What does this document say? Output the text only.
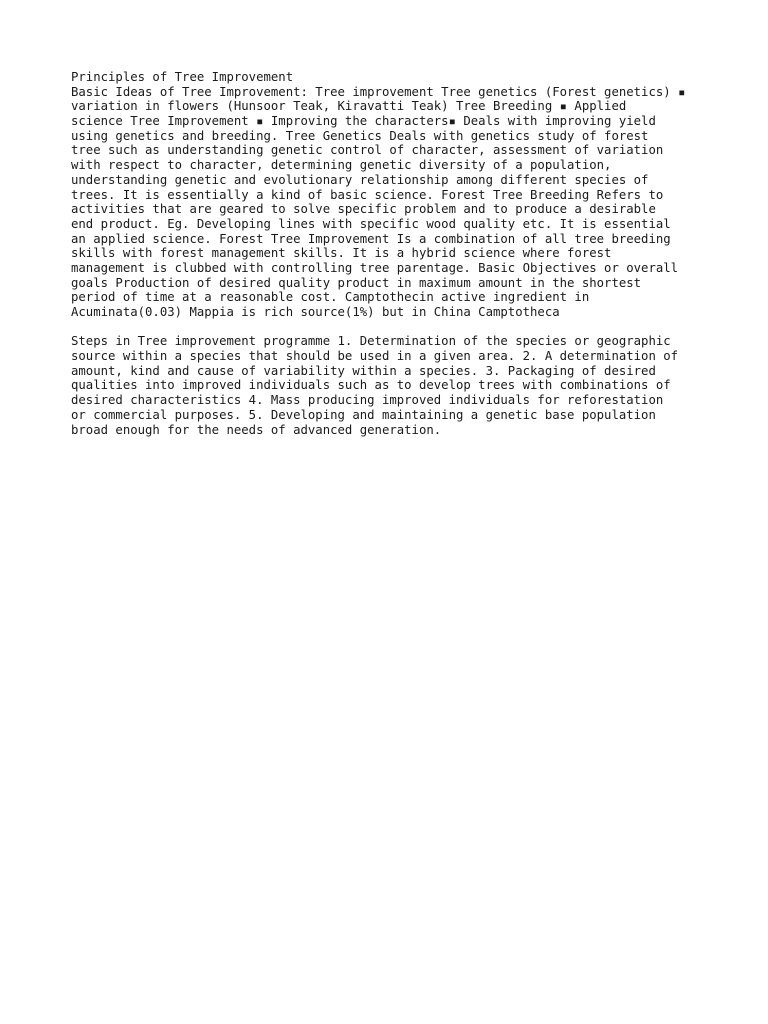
Principles of Tree Improvement
Basic Ideas of Tree Improvement: Tree improvement Tree genetics (Forest genetics) ▪
variation in flowers (Hunsoor Teak, Kiravatti Teak) Tree Breeding ▪ Applied
science Tree Improvement ▪ Improving the characters▪ Deals with improving yield
using genetics and breeding. Tree Genetics Deals with genetics study of forest
tree such as understanding genetic control of character, assessment of variation
with respect to character, determining genetic diversity of a population,
understanding genetic and evolutionary relationship among different species of
trees. It is essentially a kind of basic science. Forest Tree Breeding Refers to
activities that are geared to solve specific problem and to produce a desirable
end product. Eg. Developing lines with specific wood quality etc. It is essential
an applied science. Forest Tree Improvement Is a combination of all tree breeding
skills with forest management skills. It is a hybrid science where forest
management is clubbed with controlling tree parentage. Basic Objectives or overall
goals Production of desired quality product in maximum amount in the shortest
period of time at a reasonable cost. Camptothecin active ingredient in
Acuminata(0.03) Mappia is rich source(1%) but in China Camptotheca
Steps in Tree improvement programme 1. Determination of the species or geographic
source within a species that should be used in a given area. 2. A determination of
amount, kind and cause of variability within a species. 3. Packaging of desired
qualities into improved individuals such as to develop trees with combinations of
desired characteristics 4. Mass producing improved individuals for reforestation
or commercial purposes. 5. Developing and maintaining a genetic base population
broad enough for the needs of advanced generation.
